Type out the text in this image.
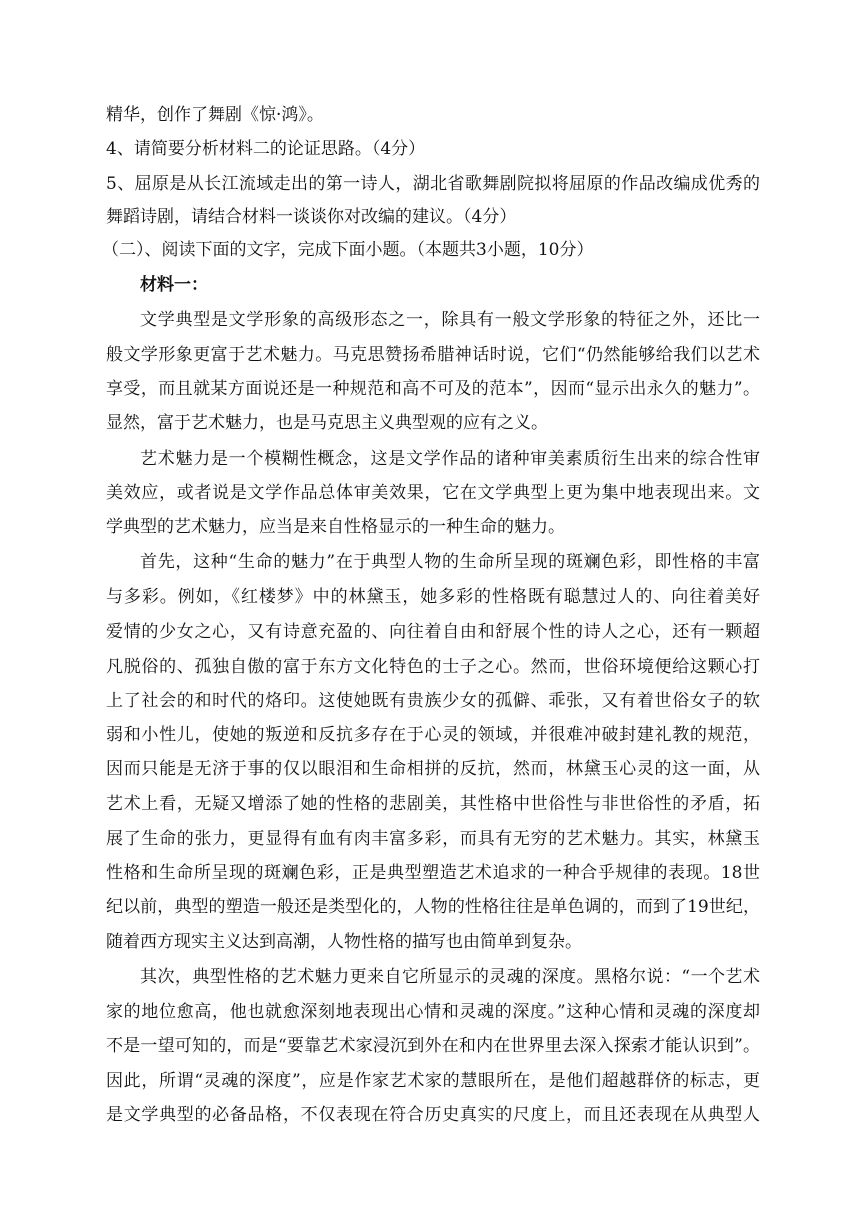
精华，创作了舞剧《惊·鸿》。
4、请简要分析材料二的论证思路。（4分）
5、屈原是从长江流域走出的第一诗人，湖北省歌舞剧院拟将屈原的作品改编成优秀的
舞蹈诗剧，请结合材料一谈谈你对改编的建议。（4分）
（二）、阅读下面的文字，完成下面小题。（本题共3小题，10分）
材料一：
文学典型是文学形象的高级形态之一，除具有一般文学形象的特征之外，还比一
般文学形象更富于艺术魅力。马克思赞扬希腊神话时说，它们“仍然能够给我们以艺术
享受，而且就某方面说还是一种规范和高不可及的范本”，因而“显示出永久的魅力”。
显然，富于艺术魅力，也是马克思主义典型观的应有之义。
艺术魅力是一个模糊性概念，这是文学作品的诸种审美素质衍生出来的综合性审
美效应，或者说是文学作品总体审美效果，它在文学典型上更为集中地表现出来。文
学典型的艺术魅力，应当是来自性格显示的一种生命的魅力。
首先，这种“生命的魅力”在于典型人物的生命所呈现的斑斓色彩，即性格的丰富
与多彩。例如，《红楼梦》中的林黛玉，她多彩的性格既有聪慧过人的、向往着美好
爱情的少女之心，又有诗意充盈的、向往着自由和舒展个性的诗人之心，还有一颗超
凡脱俗的、孤独自傲的富于东方文化特色的士子之心。然而，世俗环境便给这颗心打
上了社会的和时代的烙印。这使她既有贵族少女的孤僻、乖张，又有着世俗女子的软
弱和小性儿，使她的叛逆和反抗多存在于心灵的领域，并很难冲破封建礼教的规范，
因而只能是无济于事的仅以眼泪和生命相拼的反抗，然而，林黛玉心灵的这一面，从
艺术上看，无疑又增添了她的性格的悲剧美，其性格中世俗性与非世俗性的矛盾，拓
展了生命的张力，更显得有血有肉丰富多彩，而具有无穷的艺术魅力。其实，林黛玉
性格和生命所呈现的斑斓色彩，正是典型塑造艺术追求的一种合乎规律的表现。18世
纪以前，典型的塑造一般还是类型化的，人物的性格往往是单色调的，而到了19世纪，
随着西方现实主义达到高潮，人物性格的描写也由简单到复杂。
其次，典型性格的艺术魅力更来自它所显示的灵魂的深度。黑格尔说：“一个艺术
家的地位愈高，他也就愈深刻地表现出心情和灵魂的深度。”这种心情和灵魂的深度却
不是一望可知的，而是“要靠艺术家浸沉到外在和内在世界里去深入探索才能认识到”。
因此，所谓“灵魂的深度”，应是作家艺术家的慧眼所在，是他们超越群侪的标志，更
是文学典型的必备品格，不仅表现在符合历史真实的尺度上，而且还表现在从典型人
